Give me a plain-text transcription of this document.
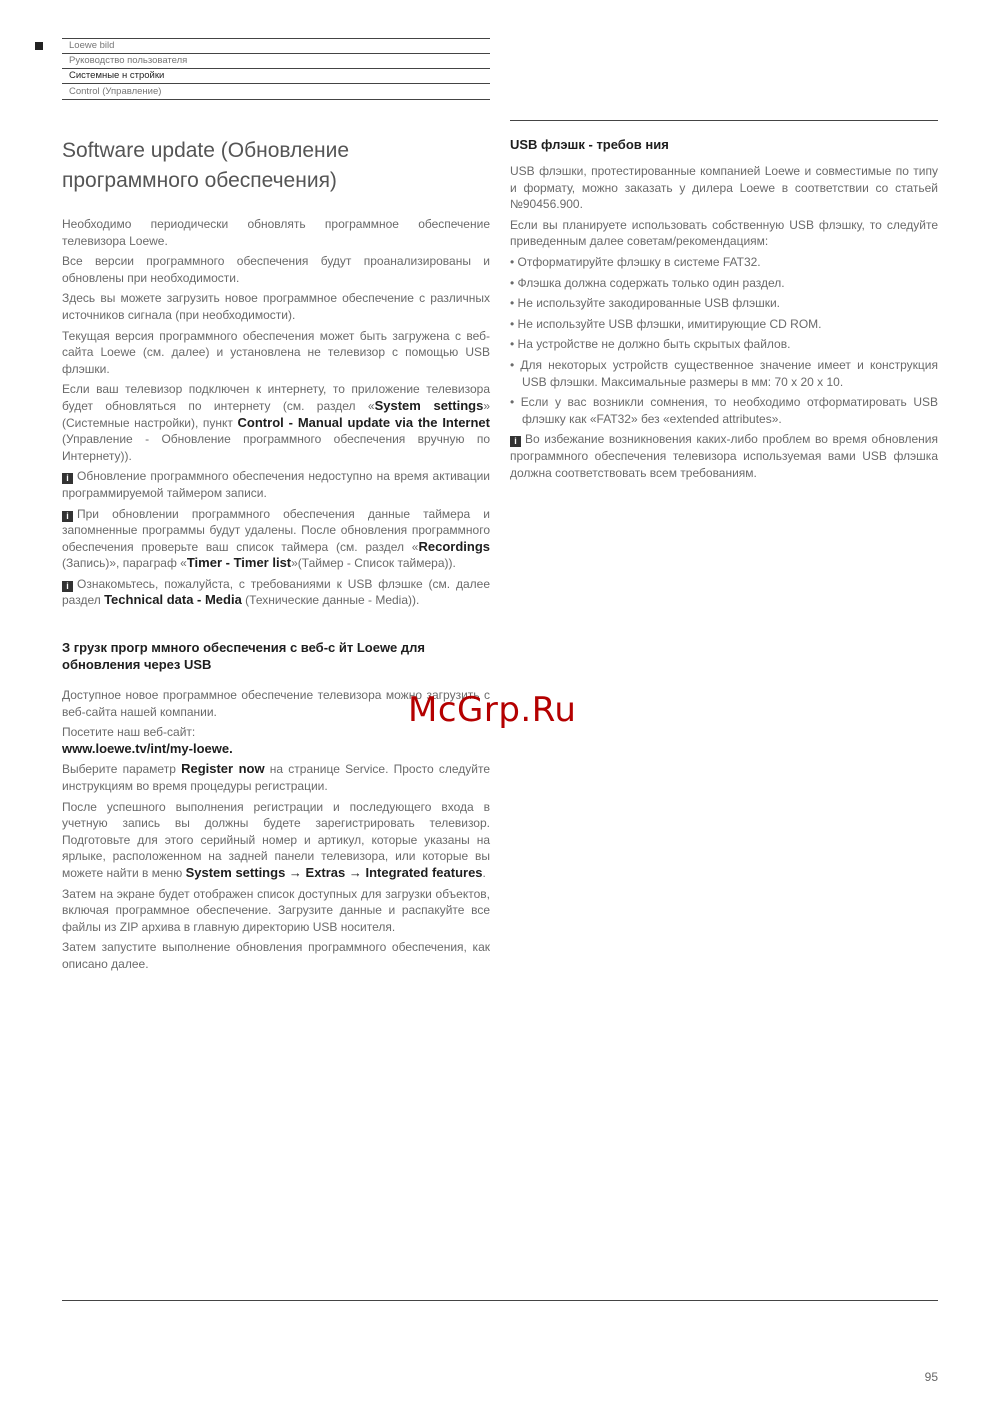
Loewe bild
Руководство пользователя
Системные н стройки
Control (Управление)
Software update (Обновление программного обеспечения)

Необходимо периодически обновлять программное обеспечение телевизора Loewe.

Все версии программного обеспечения будут проанализированы и обновлены при необходимости.

Здесь вы можете загрузить новое программное обеспечение с различных источников сигнала (при необходимости).

Текущая версия программного обеспечения может быть загружена с веб-сайта Loewe (см. далее) и установлена не телевизор с помощью USB флэшки.

Если ваш телевизор подключен к интернету, то приложение телевизора будет обновляться по интернету (см. раздел «System settings» (Системные настройки), пункт Control - Manual update via the Internet (Управление - Обновление программного обеспечения вручную по Интернету)).

i Обновление программного обеспечения недоступно на время активации программируемой таймером записи.

i При обновлении программного обеспечения данные таймера и запомненные программы будут удалены. После обновления программного обеспечения проверьте ваш список таймера (см. раздел «Recordings (Запись)», параграф «Timer - Timer list»(Таймер - Список таймера)).

i Ознакомьтесь, пожалуйста, с требованиями к USB флэшке (см. далее раздел Technical data - Media (Технические данные - Media)).

З грузк прогр ммного обеспечения с веб-с йт Loewe для обновления через USB

Доступное новое программное обеспечение телевизора можно загрузить с веб-сайта нашей компании.

Посетите наш веб-сайт:

www.loewe.tv/int/my-loewe.

Выберите параметр Register now на странице Service. Просто следуйте инструкциям во время процедуры регистрации.

После успешного выполнения регистрации и последующего входа в учетную запись вы должны будете зарегистрировать телевизор. Подготовьте для этого серийный номер и артикул, которые указаны на ярлыке, расположенном на задней панели телевизора, или которые вы можете найти в меню System settings → Extras → Integrated features.

Затем на экране будет отображен список доступных для загрузки объектов, включая программное обеспечение. Загрузите данные и распакуйте все файлы из ZIP архива в главную директорию USB носителя.

Затем запустите выполнение обновления программного обеспечения, как описано далее.

USB флэшк - требов ния

USB флэшки, протестированные компанией Loewe и совместимые по типу и формату, можно заказать у дилера Loewe в соответствии со статьей №90456.900.

Если вы планируете использовать собственную USB флэшку, то следуйте приведенным далее советам/рекомендациям:

• Отформатируйте флэшку в системе FAT32.

• Флэшка должна содержать только один раздел.

• Не используйте закодированные USB флэшки.

• Не используйте USB флэшки, имитирующие CD ROM.

• На устройстве не должно быть скрытых файлов.

• Для некоторых устройств существенное значение имеет и конструкция USB флэшки. Максимальные размеры в мм: 70 x 20 x 10.

• Если у вас возникли сомнения, то необходимо отформатировать USB флэшку как «FAT32» без «extended attributes».

i Во избежание возникновения каких-либо проблем во время обновления программного обеспечения телевизора используемая вами USB флэшка должна соответствовать всем требованиям.

McGrp.Ru
95
